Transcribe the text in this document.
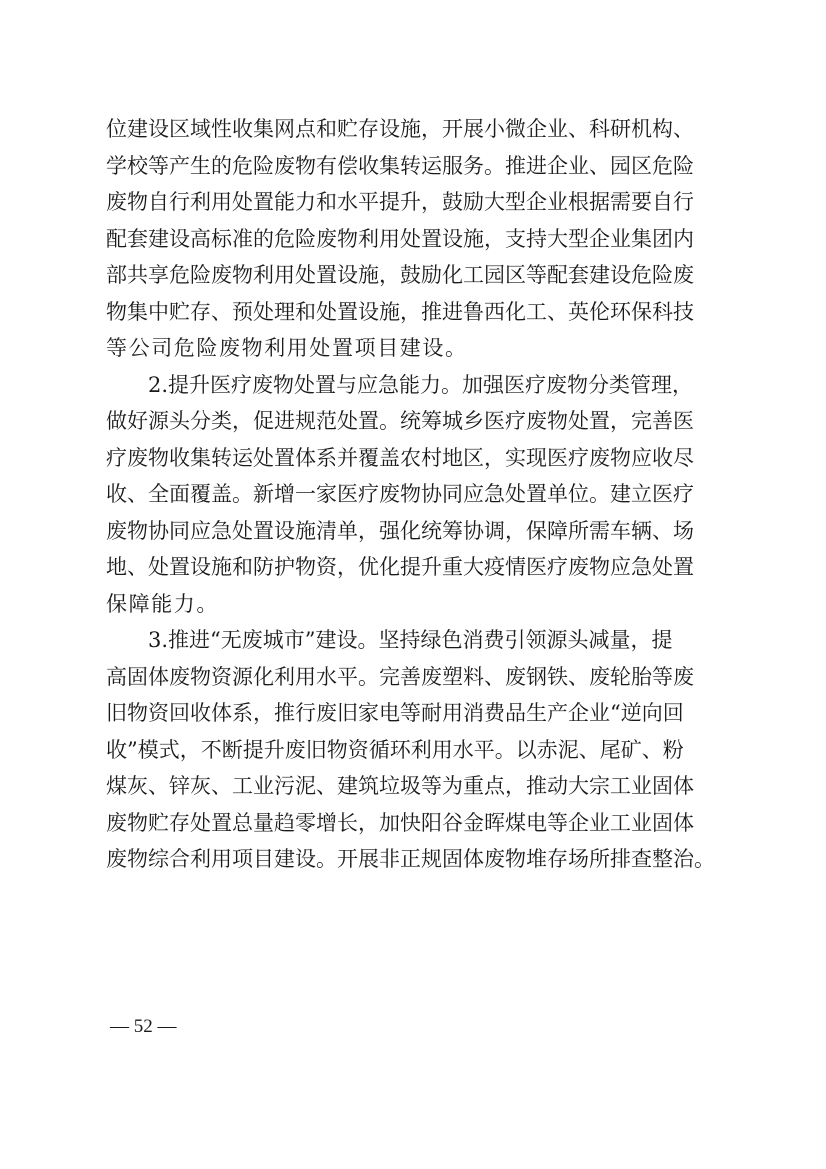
位建设区域性收集网点和贮存设施，开展小微企业、科研机构、
学校等产生的危险废物有偿收集转运服务。推进企业、园区危险
废物自行利用处置能力和水平提升，鼓励大型企业根据需要自行
配套建设高标准的危险废物利用处置设施，支持大型企业集团内
部共享危险废物利用处置设施，鼓励化工园区等配套建设危险废
物集中贮存、预处理和处置设施，推进鲁西化工、英伦环保科技
等公司危险废物利用处置项目建设。
2.提升医疗废物处置与应急能力。加强医疗废物分类管理，
做好源头分类，促进规范处置。统筹城乡医疗废物处置，完善医
疗废物收集转运处置体系并覆盖农村地区，实现医疗废物应收尽
收、全面覆盖。新增一家医疗废物协同应急处置单位。建立医疗
废物协同应急处置设施清单，强化统筹协调，保障所需车辆、场
地、处置设施和防护物资，优化提升重大疫情医疗废物应急处置
保障能力。
3.推进“无废城市”建设。坚持绿色消费引领源头减量，提
高固体废物资源化利用水平。完善废塑料、废钢铁、废轮胎等废
旧物资回收体系，推行废旧家电等耐用消费品生产企业“逆向回
收”模式，不断提升废旧物资循环利用水平。以赤泥、尾矿、粉
煤灰、锌灰、工业污泥、建筑垃圾等为重点，推动大宗工业固体
废物贮存处置总量趋零增长，加快阳谷金晖煤电等企业工业固体
废物综合利用项目建设。开展非正规固体废物堆存场所排查整治。
— 52 —
